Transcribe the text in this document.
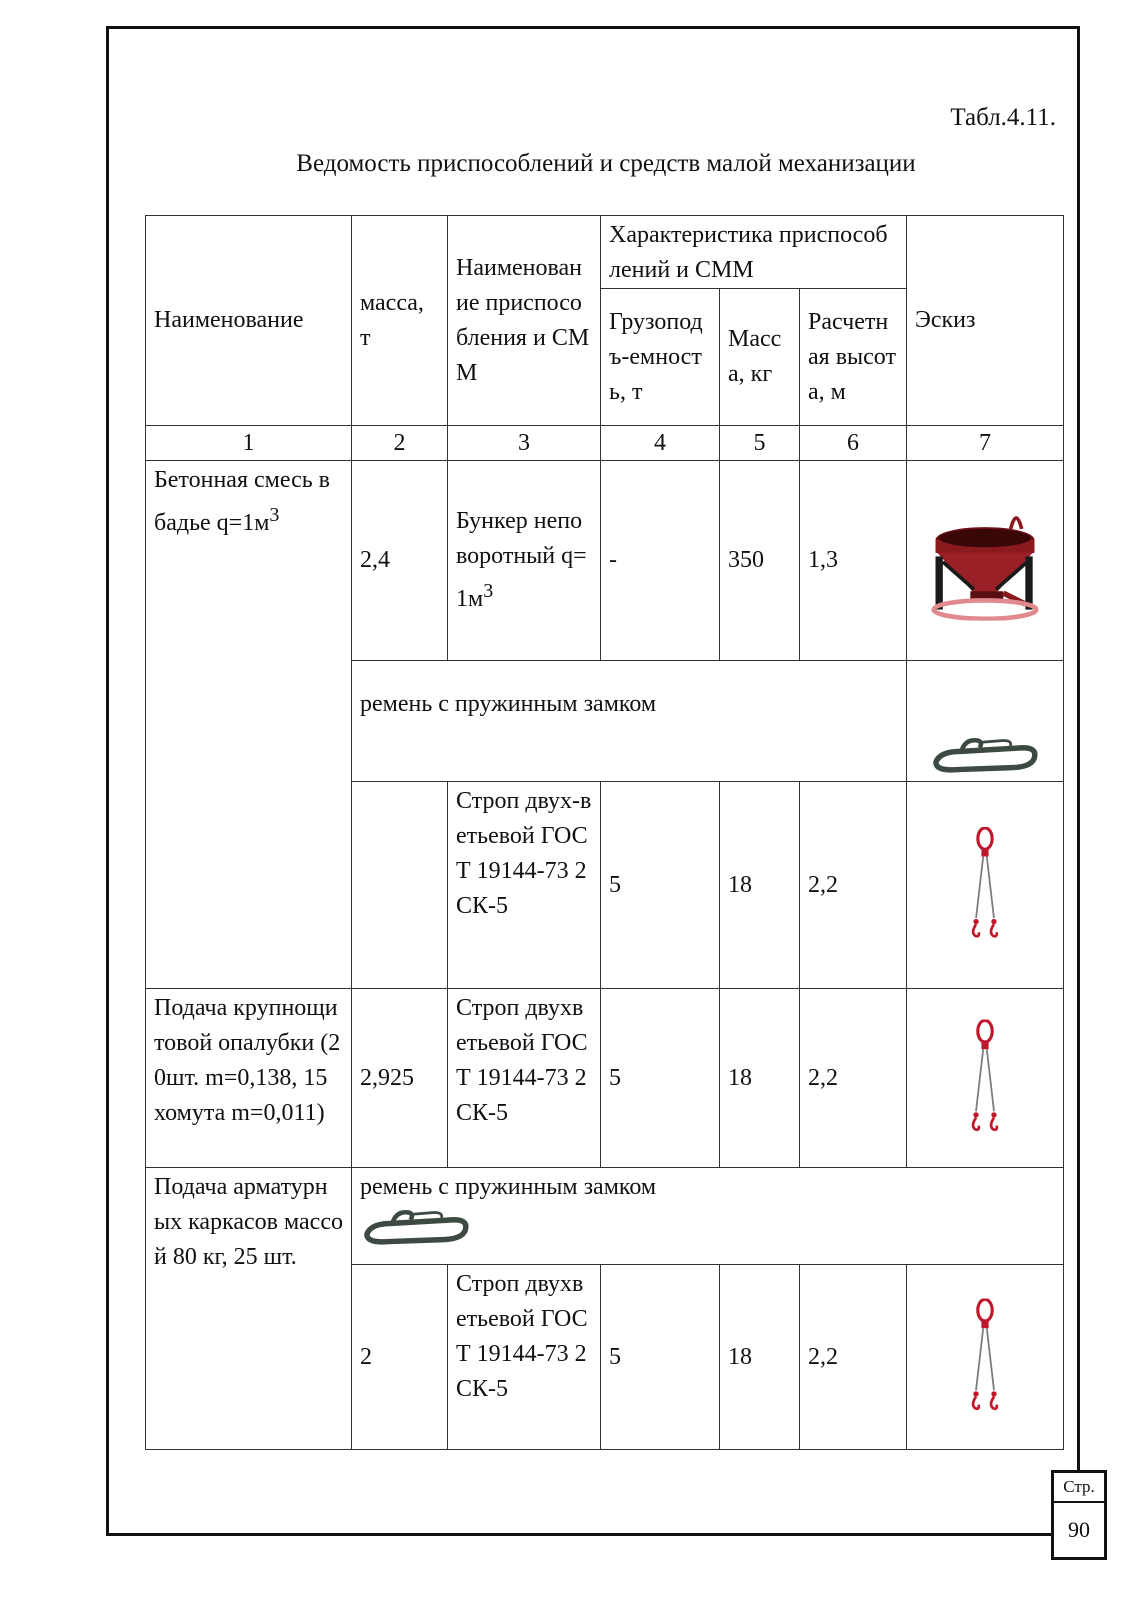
Табл.4.11.
Ведомость приспособлений и средств малой механизации
Наименование	масса, т	Наименование приспособления и СММ	Характеристика приспособлений и СММ			Эскиз
			Грузоподъ-емность, т	Масса, кг	Расчетная высота, м	
1	2	3	4	5	6	7
Бетонная смесь в бадье $q=1м^3$	2,4	Бункер неповоротный $q=1м^3$	-	350	1,3	

	ремень с пружинным замком	

		Строп двух-ветьевой ГОСТ 19144-73 2СК-5	5	18	2,2	

Подача крупнощитовой опалубки (20шт. m=0,138, 15 хомута m=0,011)	2,925	Строп двухветьевой ГОСТ 19144-73 2СК-5	5	18	2,2	

Подача арматурных каркасов массой 80 кг, 25 шт.	ремень с пружинным замком					

	2	Строп двухветьевой ГОСТ 19144-73 2СК-5	5	18	2,2	
Стр.
90
